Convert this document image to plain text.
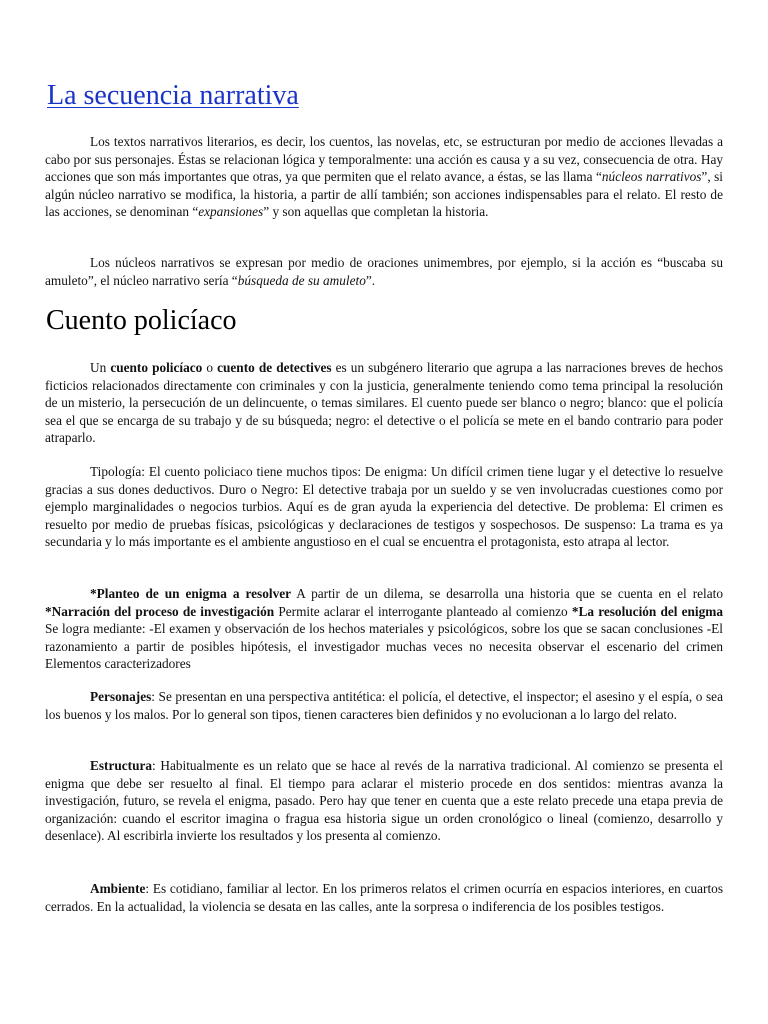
La secuencia narrativa

Los textos narrativos literarios, es decir, los cuentos, las novelas, etc, se estructuran por medio de acciones llevadas a cabo por sus personajes. Éstas se relacionan lógica y temporalmente: una acción es causa y a su vez, consecuencia de otra. Hay acciones que son más importantes que otras, ya que permiten que el relato avance, a éstas, se las llama “núcleos narrativos”, si algún núcleo narrativo se modifica, la historia, a partir de allí también; son acciones indispensables para el relato. El resto de las acciones, se denominan “expansiones” y son aquellas que completan la historia.

Los núcleos narrativos se expresan por medio de oraciones unimembres, por ejemplo, si la acción es “buscaba su amuleto”, el núcleo narrativo sería “búsqueda de su amuleto”.

Cuento policíaco

Un cuento policíaco o cuento de detectives es un subgénero literario que agrupa a las narraciones breves de hechos ficticios relacionados directamente con criminales y con la justicia, generalmente teniendo como tema principal la resolución de un misterio, la persecución de un delincuente, o temas similares. El cuento puede ser blanco o negro; blanco: que el policía sea el que se encarga de su trabajo y de su búsqueda; negro: el detective o el policía se mete en el bando contrario para poder atraparlo.

Tipología: El cuento policiaco tiene muchos tipos: De enigma: Un difícil crimen tiene lugar y el detective lo resuelve gracias a sus dones deductivos. Duro o Negro: El detective trabaja por un sueldo y se ven involucradas cuestiones como por ejemplo marginalidades o negocios turbios. Aquí es de gran ayuda la experiencia del detective. De problema: El crimen es resuelto por medio de pruebas físicas, psicológicas y declaraciones de testigos y sospechosos. De suspenso: La trama es ya secundaria y lo más importante es el ambiente angustioso en el cual se encuentra el protagonista, esto atrapa al lector.

*Planteo de un enigma a resolver A partir de un dilema, se desarrolla una historia que se cuenta en el relato *Narración del proceso de investigación Permite aclarar el interrogante planteado al comienzo *La resolución del enigma Se logra mediante: -El examen y observación de los hechos materiales y psicológicos, sobre los que se sacan conclusiones -El razonamiento a partir de posibles hipótesis, el investigador muchas veces no necesita observar el escenario del crimen Elementos caracterizadores

Personajes: Se presentan en una perspectiva antitética: el policía, el detective, el inspector; el asesino y el espía, o sea los buenos y los malos. Por lo general son tipos, tienen caracteres bien definidos y no evolucionan a lo largo del relato.

Estructura: Habitualmente es un relato que se hace al revés de la narrativa tradicional. Al comienzo se presenta el enigma que debe ser resuelto al final. El tiempo para aclarar el misterio procede en dos sentidos: mientras avanza la investigación, futuro, se revela el enigma, pasado. Pero hay que tener en cuenta que a este relato precede una etapa previa de organización: cuando el escritor imagina o fragua esa historia sigue un orden cronológico o lineal (comienzo, desarrollo y desenlace). Al escribirla invierte los resultados y los presenta al comienzo.

Ambiente: Es cotidiano, familiar al lector. En los primeros relatos el crimen ocurría en espacios interiores, en cuartos cerrados. En la actualidad, la violencia se desata en las calles, ante la sorpresa o indiferencia de los posibles testigos.
